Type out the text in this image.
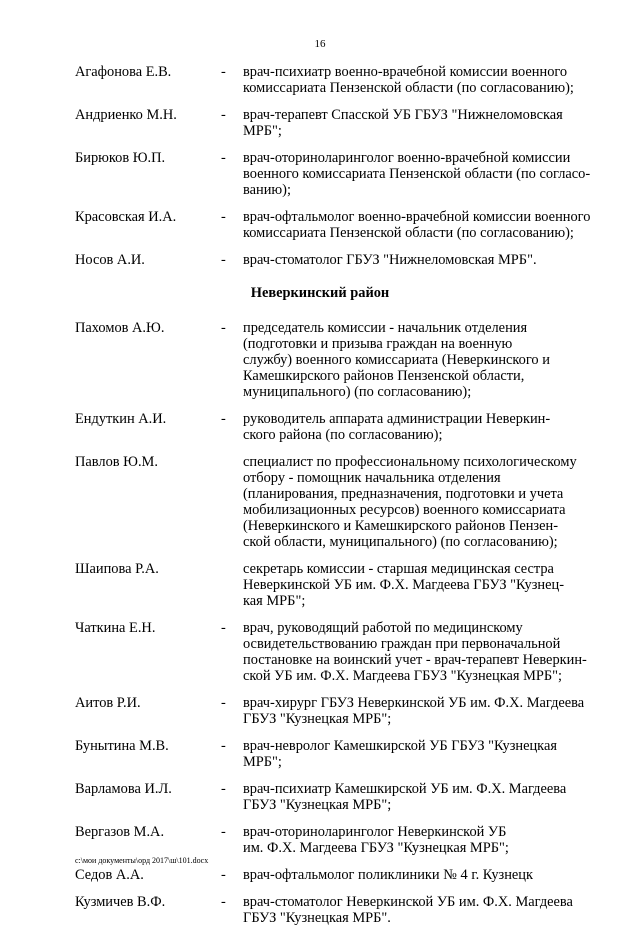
16
Агафонова Е.В.	- врач-психиатр военно-врачебной комиссии военного
комиссариата Пензенской области (по согласованию);
Андриенко М.Н.	- врач-терапевт Спасской УБ ГБУЗ "Нижнеломовская
МРБ";
Бирюков Ю.П.	- врач-оториноларинголог военно-врачебной комиссии
военного комиссариата Пензенской области (по согласо-
ванию);
Красовская И.А.	- врач-офтальмолог военно-врачебной комиссии военного
комиссариата Пензенской области (по согласованию);
Носов А.И.	- врач-стоматолог ГБУЗ "Нижнеломовская МРБ".
Неверкинский район
Пахомов А.Ю.	- председатель комиссии - начальник отделения
(подготовки и призыва граждан на военную
службу) военного комиссариата (Неверкинского и
Камешкирского районов Пензенской области,
муниципального) (по согласованию);
Ендуткин А.И.	- руководитель аппарата администрации Неверкин-
ского района (по согласованию);
Павлов Ю.М.	специалист по профессиональному психологическому
отбору - помощник начальника отделения
(планирования, предназначения, подготовки и учета
мобилизационных ресурсов) военного комиссариата
(Неверкинского и Камешкирского районов Пензен-
ской области, муниципального) (по согласованию);
Шаипова Р.А.	секретарь комиссии - старшая медицинская сестра
Неверкинской УБ им. Ф.Х. Магдеева ГБУЗ "Кузнец-
кая МРБ";
Чаткина Е.Н.	- врач, руководящий работой по медицинскому
освидетельствованию граждан при первоначальной
постановке на воинский учет - врач-терапевт Неверкин-
ской УБ им. Ф.Х. Магдеева ГБУЗ "Кузнецкая МРБ";
Аитов Р.И.	- врач-хирург ГБУЗ Неверкинской УБ им. Ф.Х. Магдеева
ГБУЗ "Кузнецкая МРБ";
Бунытина М.В.	- врач-невролог Камешкирской УБ ГБУЗ "Кузнецкая
МРБ";
Варламова И.Л.	- врач-психиатр Камешкирской УБ им. Ф.Х. Магдеева
ГБУЗ "Кузнецкая МРБ";
Вергазов М.А.	- врач-оториноларинголог Неверкинской УБ
им. Ф.Х. Магдеева ГБУЗ "Кузнецкая МРБ";
Седов А.А.	- врач-офтальмолог поликлиники № 4 г. Кузнецк
Кузмичев В.Ф.	- врач-стоматолог Неверкинской УБ им. Ф.Х. Магдеева
ГБУЗ "Кузнецкая МРБ".
c:\мои документы\орд 2017\ш\101.docx
